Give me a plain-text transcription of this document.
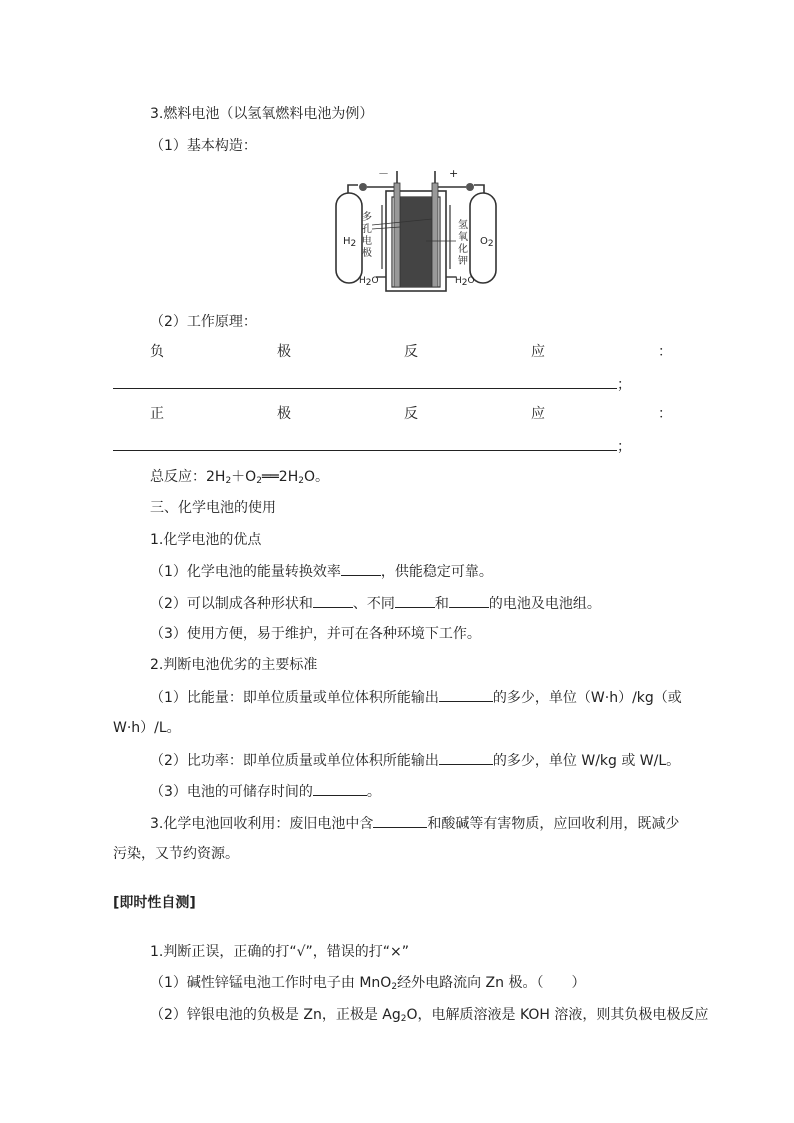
3.燃料电池（以氢氧燃料电池为例）
（1）基本构造：
－	+
$H_2$	$O_2$
多
孔
电
极
氢
氧
化
钾
$H_2O$	$H_2O$
（2）工作原理：
负	极	反	应	：
；
正	极	反	应	：
；
总反应：$2H_2+O_2══2H_2O$。
三、化学电池的使用
1.化学电池的优点
（1）化学电池的能量转换效率	，供能稳定可靠。
（2）可以制成各种形状和	、不同	和	的电池及电池组。
（3）使用方便，易于维护，并可在各种环境下工作。
2.判断电池优劣的主要标准
（1）比能量：即单位质量或单位体积所能输出	的多少，单位（W·h）/kg（或
W·h）/L。
（2）比功率：即单位质量或单位体积所能输出	的多少，单位 W/kg 或 W/L。
（3）电池的可储存时间的	。
3.化学电池回收利用：废旧电池中含	和酸碱等有害物质，应回收利用，既减少
污染，又节约资源。
[即时性自测]
1.判断正误，正确的打“√”，错误的打“×”
（1）碱性锌锰电池工作时电子由 MnO$_2$经外电路流向 Zn 极。（　　）
（2）锌银电池的负极是 Zn，正极是 $Ag_2O$，电解质溶液是 KOH 溶液，则其负极电极反应
